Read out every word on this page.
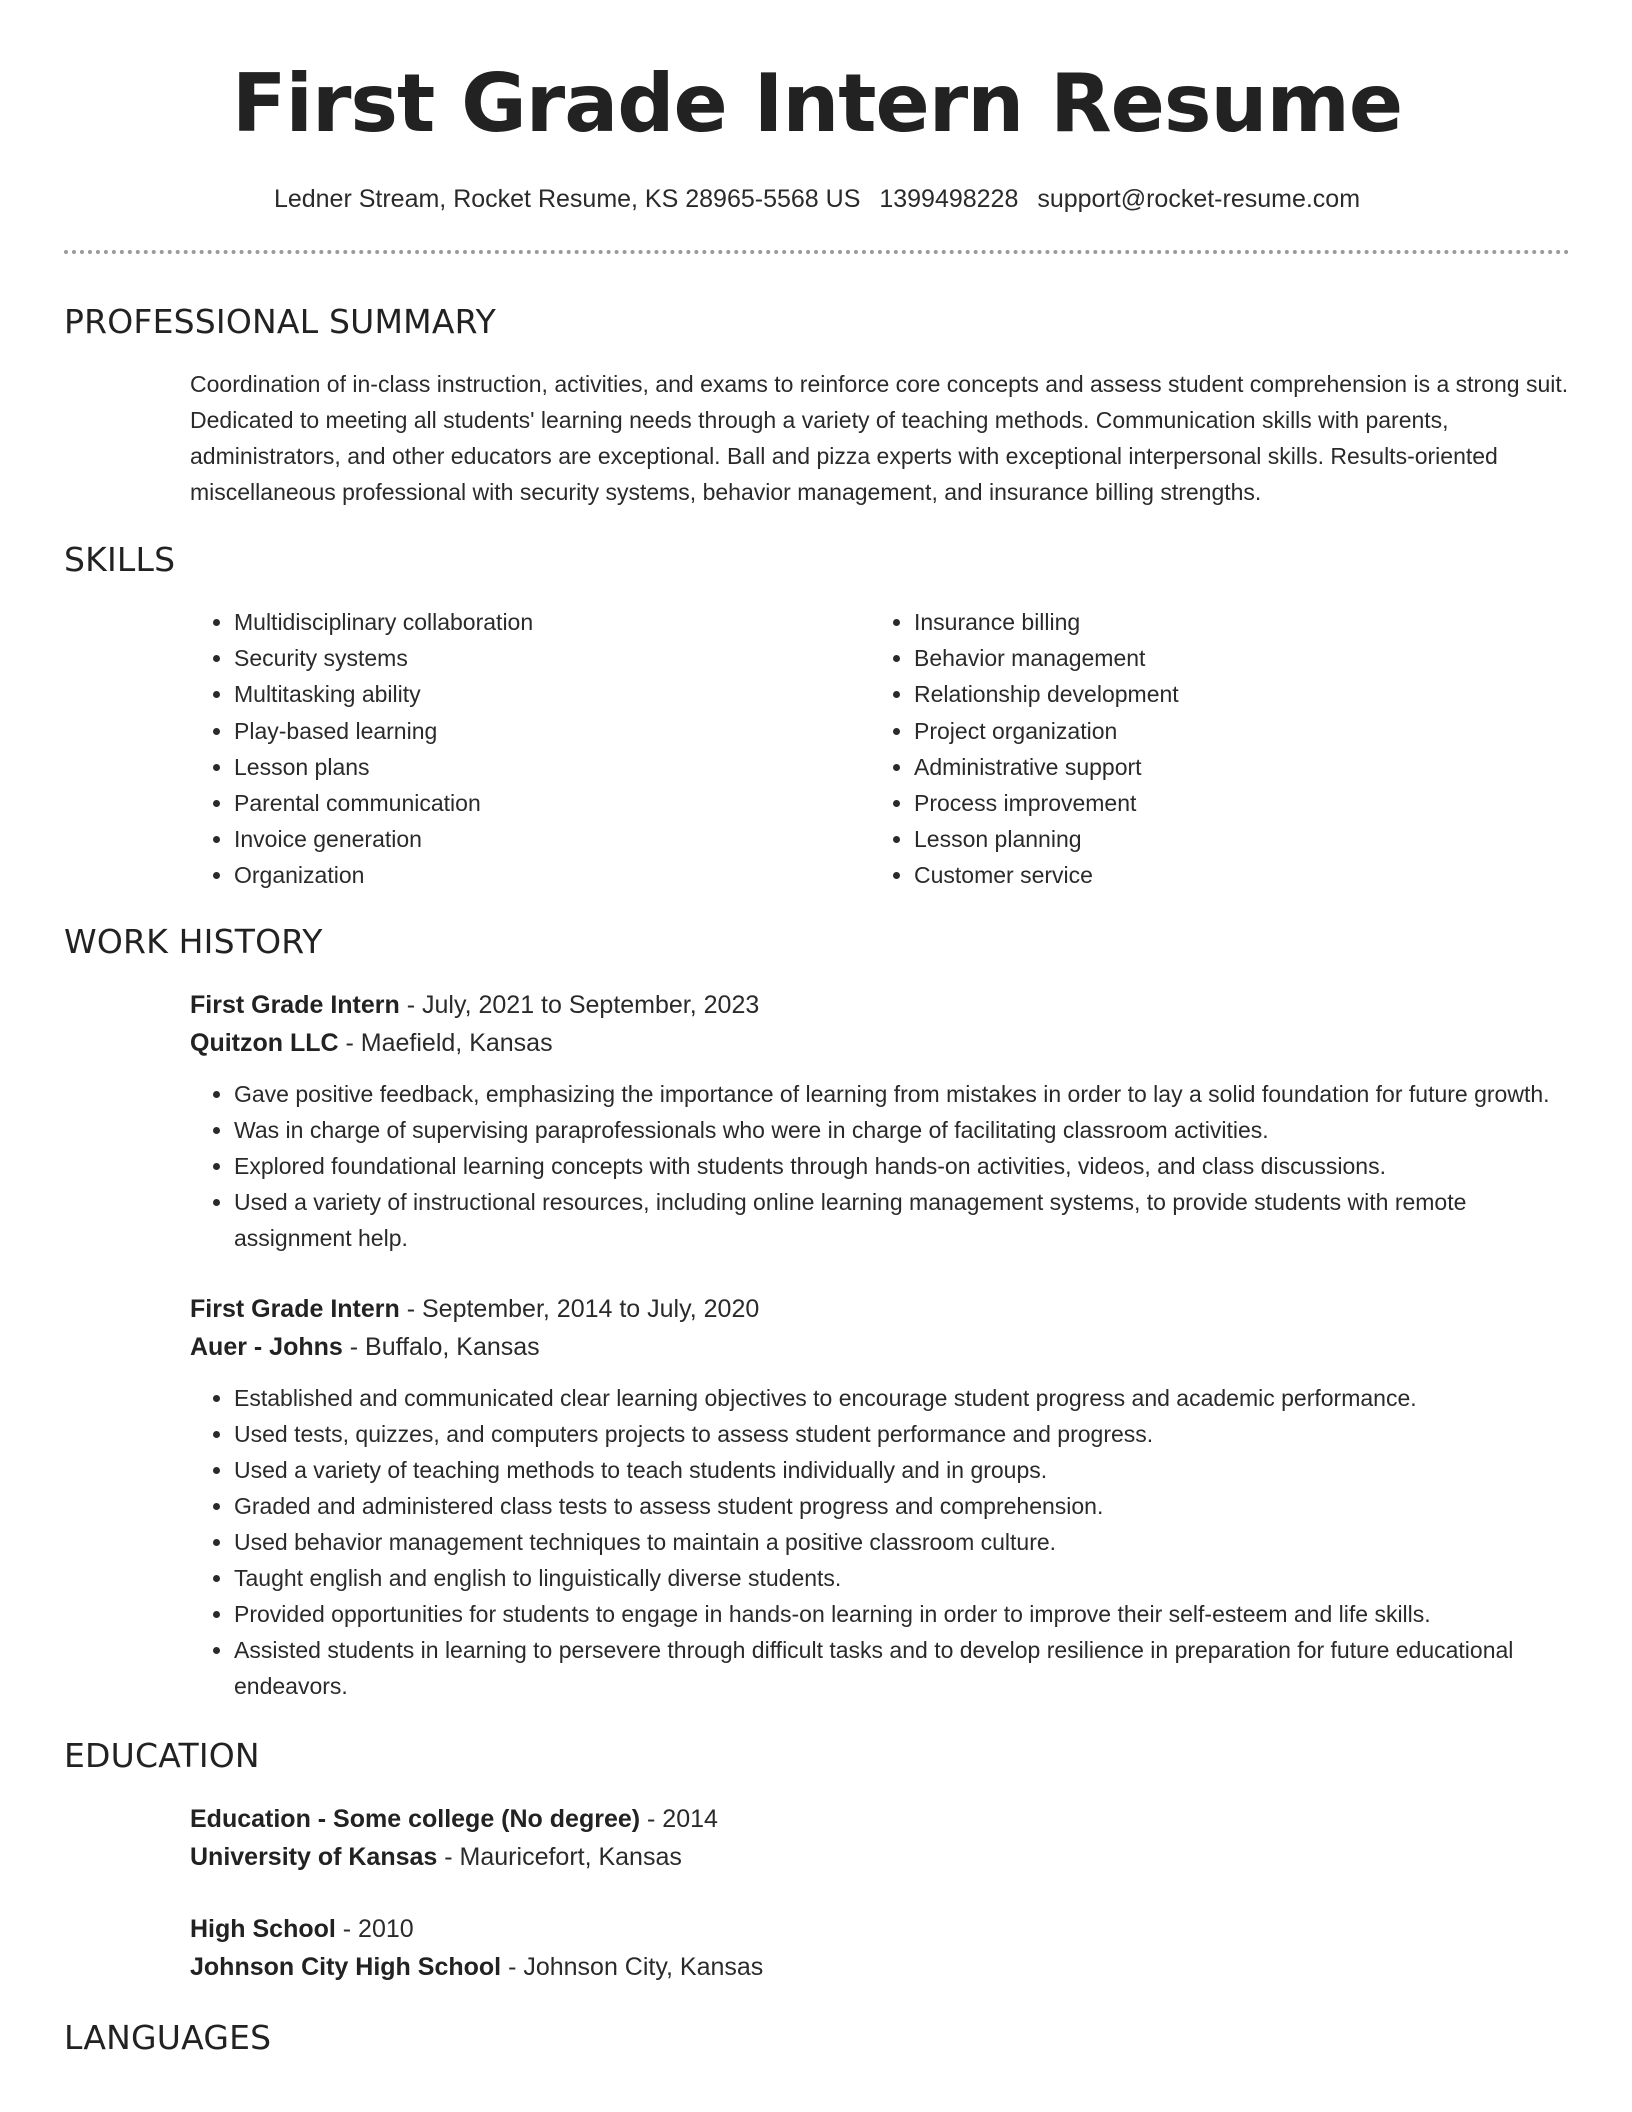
First Grade Intern Resume
Ledner Stream, Rocket Resume, KS 28965-5568 US 1399498228 support@rocket-resume.com
PROFESSIONAL SUMMARY

Coordination of in-class instruction, activities, and exams to reinforce core concepts and assess student comprehension is a strong suit. Dedicated to meeting all students' learning needs through a variety of teaching methods. Communication skills with parents, administrators, and other educators are exceptional. Ball and pizza experts with exceptional interpersonal skills. Results-oriented miscellaneous professional with security systems, behavior management, and insurance billing strengths.

SKILLS
• Multidisciplinary collaboration
• Security systems
• Multitasking ability
• Play-based learning
• Lesson plans
• Parental communication
• Invoice generation
• Organization
• Insurance billing
• Behavior management
• Relationship development
• Project organization
• Administrative support
• Process improvement
• Lesson planning
• Customer service
WORK HISTORY
First Grade Intern - July, 2021 to September, 2023
Quitzon LLC - Maefield, Kansas
• Gave positive feedback, emphasizing the importance of learning from mistakes in order to lay a solid foundation for future growth.
• Was in charge of supervising paraprofessionals who were in charge of facilitating classroom activities.
• Explored foundational learning concepts with students through hands-on activities, videos, and class discussions.
• Used a variety of instructional resources, including online learning management systems, to provide students with remote assignment help.
First Grade Intern - September, 2014 to July, 2020
Auer - Johns - Buffalo, Kansas
• Established and communicated clear learning objectives to encourage student progress and academic performance.
• Used tests, quizzes, and computers projects to assess student performance and progress.
• Used a variety of teaching methods to teach students individually and in groups.
• Graded and administered class tests to assess student progress and comprehension.
• Used behavior management techniques to maintain a positive classroom culture.
• Taught english and english to linguistically diverse students.
• Provided opportunities for students to engage in hands-on learning in order to improve their self-esteem and life skills.
• Assisted students in learning to persevere through difficult tasks and to develop resilience in preparation for future educational endeavors.
EDUCATION
Education - Some college (No degree) - 2014
University of Kansas - Mauricefort, Kansas
High School - 2010
Johnson City High School - Johnson City, Kansas
LANGUAGES
